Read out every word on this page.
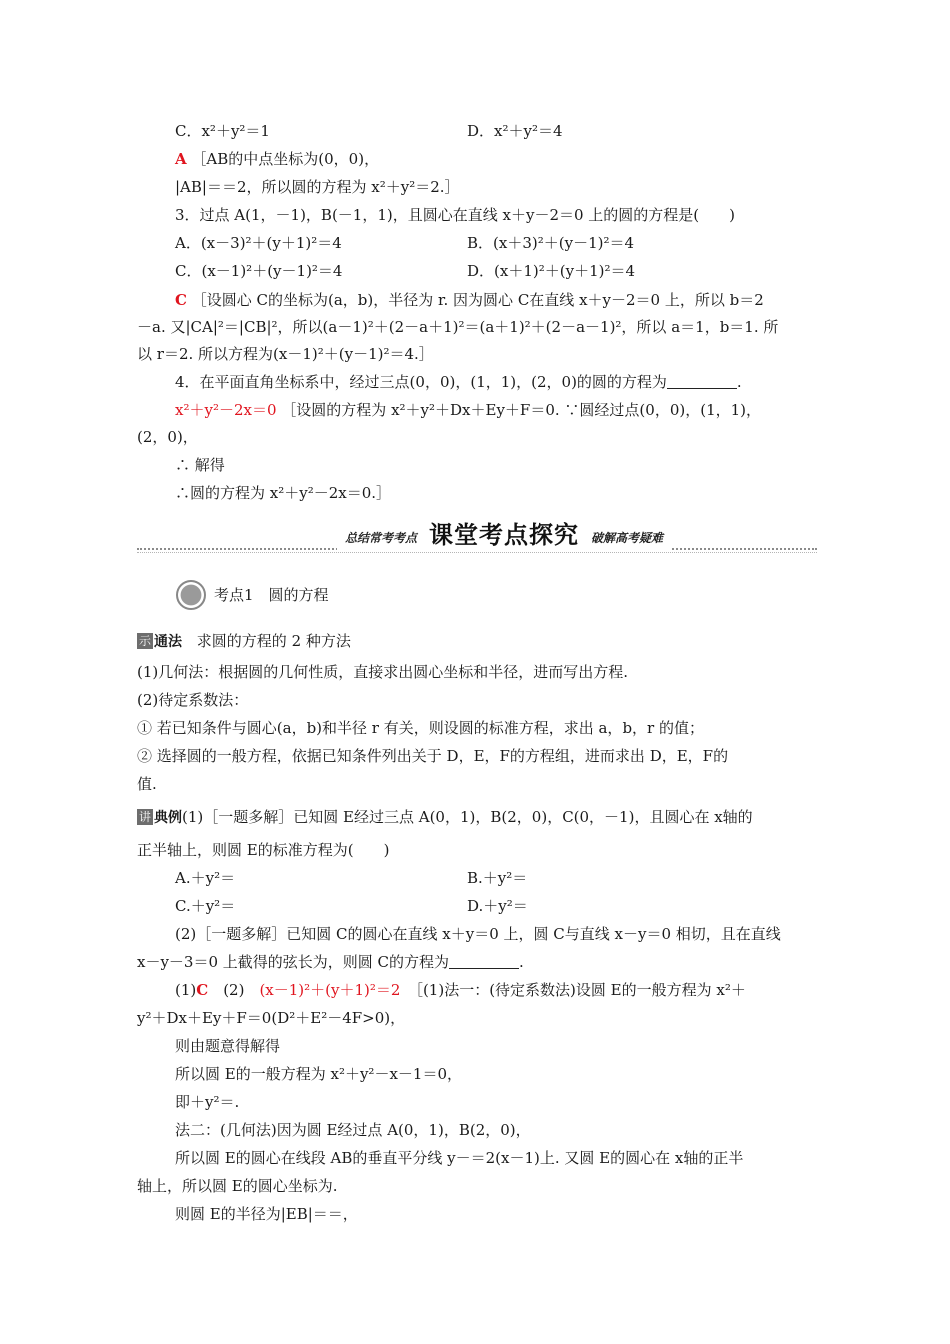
C．x²＋y²＝1	D．x²＋y²＝4
A ［AB的中点坐标为(0，0)，
|AB|＝＝2，所以圆的方程为 x²＋y²＝2.］
3．过点 A(1，－1)，B(－1，1)，且圆心在直线 x＋y－2＝0 上的圆的方程是(　　)
A．(x－3)²＋(y＋1)²＝4	B．(x＋3)²＋(y－1)²＝4
C．(x－1)²＋(y－1)²＝4	D．(x＋1)²＋(y＋1)²＝4
C ［设圆心 C的坐标为(a，b)，半径为 r. 因为圆心 C在直线 x＋y－2＝0 上，所以 b＝2
－a. 又|CA|²＝|CB|²，所以(a－1)²＋(2－a＋1)²＝(a＋1)²＋(2－a－1)²，所以 a＝1，b＝1. 所
以 r＝2. 所以方程为(x－1)²＋(y－1)²＝4.］
4．在平面直角坐标系中，经过三点(0，0)，(1，1)，(2，0)的圆的方程为	.
x²＋y²－2x＝0 ［设圆的方程为 x²＋y²＋Dx＋Ey＋F＝0. ∵圆经过点(0，0)，(1，1)，
(2，0)，
∴ 解得
∴圆的方程为 x²＋y²－2x＝0.］
总结常考考点 课堂考点探究 破解高考疑难
考点1　圆的方程
示 通法 求圆的方程的 2 种方法
(1)几何法：根据圆的几何性质，直接求出圆心坐标和半径，进而写出方程.
(2)待定系数法：
① 若已知条件与圆心(a，b)和半径 r 有关，则设圆的标准方程，求出 a，b，r 的值；
② 选择圆的一般方程，依据已知条件列出关于 D，E，F的方程组，进而求出 D，E，F的
值.
讲 典例(1)［一题多解］已知圆 E经过三点 A(0，1)，B(2，0)，C(0，－1)，且圆心在 x轴的
正半轴上，则圆 E的标准方程为(　　)
A.＋y²＝	B.＋y²＝
C.＋y²＝	D.＋y²＝
(2)［一题多解］已知圆 C的圆心在直线 x＋y＝0 上，圆 C与直线 x－y＝0 相切，且在直线
x－y－3＝0 上截得的弦长为，则圆 C的方程为	.
(1)C　(2)　(x－1)²＋(y＋1)²＝2　［(1)法一：(待定系数法)设圆 E的一般方程为 x²＋
y²＋Dx＋Ey＋F＝0(D²＋E²－4F>0)，
则由题意得解得
所以圆 E的一般方程为 x²＋y²－x－1＝0，
即＋y²＝.
法二：(几何法)因为圆 E经过点 A(0，1)，B(2，0)，
所以圆 E的圆心在线段 AB的垂直平分线 y－＝2(x－1)上. 又圆 E的圆心在 x轴的正半
轴上，所以圆 E的圆心坐标为.
则圆 E的半径为|EB|＝＝，
